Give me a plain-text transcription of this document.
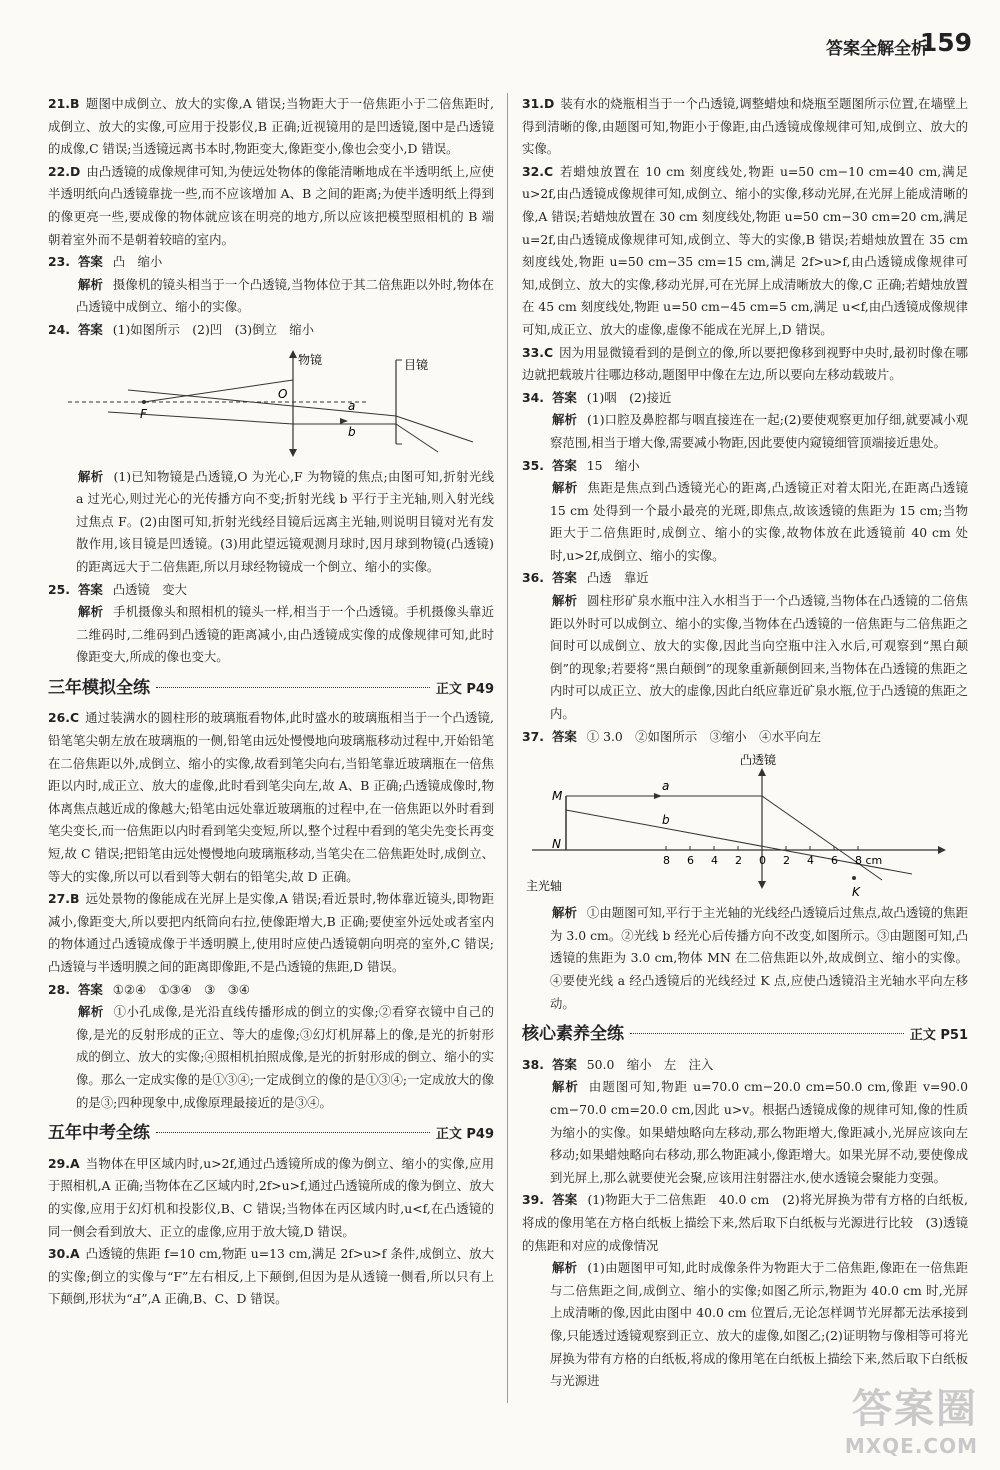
答案全解全析
159

21.B 题图中成倒立、放大的实像,A 错误;当物距大于一倍焦距小于二倍焦距时,成倒立、放大的实像,可应用于投影仪,B 正确;近视镜用的是凹透镜,图中是凸透镜的成像,C 错误;当透镜远离书本时,物距变大,像距变小,像也会变小,D 错误。

22.D 由凸透镜的成像规律可知,为使远处物体的像能清晰地成在半透明纸上,应使半透明纸向凸透镜靠拢一些,而不应该增加 A、B 之间的距离;为使半透明纸上得到的像更亮一些,要成像的物体就应该在明亮的地方,所以应该把模型照相机的 B 端朝着室外而不是朝着较暗的室内。

23. 答案 凸　缩小

解析 摄像机的镜头相当于一个凸透镜,当物体位于其二倍焦距以外时,物体在凸透镜中成倒立、缩小的实像。

24. 答案 (1)如图所示　(2)凹　(3)倒立　缩小

物镜	目镜
O
F
a
b

解析 (1)已知物镜是凸透镜,O 为光心,F 为物镜的焦点;由图可知,折射光线 a 过光心,则过光心的光传播方向不变;折射光线 b 平行于主光轴,则入射光线过焦点 F。(2)由图可知,折射光线经目镜后远离主光轴,则说明目镜对光有发散作用,该目镜是凹透镜。(3)用此望远镜观测月球时,因月球到物镜(凸透镜)的距离远大于二倍焦距,所以月球经物镜成一个倒立、缩小的实像。

25. 答案 凸透镜　变大

解析 手机摄像头和照相机的镜头一样,相当于一个凸透镜。手机摄像头靠近二维码时,二维码到凸透镜的距离减小,由凸透镜成实像的成像规律可知,此时像距变大,所成的像也变大。

三年模拟全练	正文 P49

26.C 通过装满水的圆柱形的玻璃瓶看物体,此时盛水的玻璃瓶相当于一个凸透镜,铅笔笔尖朝左放在玻璃瓶的一侧,铅笔由远处慢慢地向玻璃瓶移动过程中,开始铅笔在二倍焦距以外,成倒立、缩小的实像,故看到笔尖向右,当铅笔靠近玻璃瓶在一倍焦距以内时,成正立、放大的虚像,此时看到笔尖向左,故 A、B 正确;凸透镜成像时,物体离焦点越近成的像越大;铅笔由远处靠近玻璃瓶的过程中,在一倍焦距以外时看到笔尖变长,而一倍焦距以内时看到笔尖变短,所以,整个过程中看到的笔尖先变长再变短,故 C 错误;把铅笔由远处慢慢地向玻璃瓶移动,当笔尖在二倍焦距处时,成倒立、等大的实像,所以可以看到等大朝右的铅笔尖,故 D 正确。

27.B 远处景物的像能成在光屏上是实像,A 错误;看近景时,物体靠近镜头,即物距减小,像距变大,所以要把内纸筒向右拉,使像距增大,B 正确;要使室外远处或者室内的物体通过凸透镜成像于半透明膜上,使用时应使凸透镜朝向明亮的室外,C 错误;凸透镜与半透明膜之间的距离即像距,不是凸透镜的焦距,D 错误。

28. 答案 ①②④　①③④　③　③④

解析 ①小孔成像,是光沿直线传播形成的倒立的实像;②看穿衣镜中自己的像,是光的反射形成的正立、等大的虚像;③幻灯机屏幕上的像,是光的折射形成的倒立、放大的实像;④照相机拍照成像,是光的折射形成的倒立、缩小的实像。那么一定成实像的是①③④;一定成倒立的像的是①③④;一定成放大的像的是③;四种现象中,成像原理最接近的是③④。

五年中考全练	正文 P49

29.A 当物体在甲区域内时,u>2f,通过凸透镜所成的像为倒立、缩小的实像,应用于照相机,A 正确;当物体在乙区域内时,2f>u>f,通过凸透镜所成的像为倒立、放大的实像,应用于幻灯机和投影仪,B、C 错误;当物体在丙区域内时,u<f,在凸透镜的同一侧会看到放大、正立的虚像,应用于放大镜,D 错误。

30.A 凸透镜的焦距 f=10 cm,物距 u=13 cm,满足 2f>u>f 条件,成倒立、放大的实像;倒立的实像与“F”左右相反,上下颠倒,但因为是从透镜一侧看,所以只有上下颠倒,形状为“Ⅎ”,A 正确,B、C、D 错误。

31.D 装有水的烧瓶相当于一个凸透镜,调整蜡烛和烧瓶至题图所示位置,在墙壁上得到清晰的像,由题图可知,物距小于像距,由凸透镜成像规律可知,成倒立、放大的实像。

32.C 若蜡烛放置在 10 cm 刻度线处,物距 u=50 cm−10 cm=40 cm,满足 u>2f,由凸透镜成像规律可知,成倒立、缩小的实像,移动光屏,在光屏上能成清晰的像,A 错误;若蜡烛放置在 30 cm 刻度线处,物距 u=50 cm−30 cm=20 cm,满足 u=2f,由凸透镜成像规律可知,成倒立、等大的实像,B 错误;若蜡烛放置在 35 cm 刻度线处,物距 u=50 cm−35 cm=15 cm,满足 2f>u>f,由凸透镜成像规律可知,成倒立、放大的实像,移动光屏,可在光屏上成清晰放大的像,C 正确;若蜡烛放置在 45 cm 刻度线处,物距 u=50 cm−45 cm=5 cm,满足 u<f,由凸透镜成像规律可知,成正立、放大的虚像,虚像不能成在光屏上,D 错误。

33.C 因为用显微镜看到的是倒立的像,所以要把像移到视野中央时,最初时像在哪边就把载玻片往哪边移动,题图甲中像在左边,所以要向左移动载玻片。

34. 答案 (1)咽　(2)接近

解析 (1)口腔及鼻腔都与咽直接连在一起;(2)要使观察更加仔细,就要减小观察范围,相当于增大像,需要减小物距,因此要使内窥镜细管顶端接近患处。

35. 答案 15　缩小

解析 焦距是焦点到凸透镜光心的距离,凸透镜正对着太阳光,在距离凸透镜 15 cm 处得到一个最小最亮的光斑,即焦点,故该透镜的焦距为 15 cm;当物距大于二倍焦距时,成倒立、缩小的实像,故物体放在此透镜前 40 cm 处时,u>2f,成倒立、缩小的实像。

36. 答案 凸透　靠近

解析 圆柱形矿泉水瓶中注入水相当于一个凸透镜,当物体在凸透镜的二倍焦距以外时可以成倒立、缩小的实像,当物体在凸透镜的一倍焦距与二倍焦距之间时可以成倒立、放大的实像,因此当向空瓶中注入水后,可观察到“黑白颠倒”的现象;若要将“黑白颠倒”的现象重新颠倒回来,当物体在凸透镜的焦距之内时可以成正立、放大的虚像,因此白纸应靠近矿泉水瓶,位于凸透镜的焦距之内。

37. 答案 ① 3.0　②如图所示　③缩小　④水平向左

8 6 4 2 0 2 4 6 8 cm
凸透镜
M
N
主光轴	K
a
b

解析 ①由题图可知,平行于主光轴的光线经凸透镜后过焦点,故凸透镜的焦距为 3.0 cm。②光线 b 经光心后传播方向不改变,如图所示。③由题图可知,凸透镜的焦距为 3.0 cm,物体 MN 在二倍焦距以外,故成倒立、缩小的实像。④要使光线 a 经凸透镜后的光线经过 K 点,应使凸透镜沿主光轴水平向左移动。

核心素养全练	正文 P51

38. 答案 50.0　缩小　左　注入

解析 由题图可知,物距 u=70.0 cm−20.0 cm=50.0 cm,像距 v=90.0 cm−70.0 cm=20.0 cm,因此 u>v。根据凸透镜成像的规律可知,像的性质为缩小的实像。如果蜡烛略向左移动,那么物距增大,像距减小,光屏应该向左移动;如果蜡烛略向右移动,那么物距减小,像距增大。如果光屏不动,要使像成到光屏上,那么就要使光会聚,应该用注射器注水,使水透镜会聚能力变强。

39. 答案 (1)物距大于二倍焦距　40.0 cm　(2)将光屏换为带有方格的白纸板,将成的像用笔在方格白纸板上描绘下来,然后取下白纸板与光源进行比较　(3)透镜的焦距和对应的成像情况

解析 (1)由题图甲可知,此时成像条件为物距大于二倍焦距,像距在一倍焦距与二倍焦距之间,成倒立、缩小的实像;如图乙所示,物距为 40.0 cm 时,光屏上成清晰的像,因此由图中 40.0 cm 位置后,无论怎样调节光屏都无法承接到像,只能透过透镜观察到正立、放大的虚像,如图乙;(2)证明物与像相等可将光屏换为带有方格的白纸板,将成的像用笔在白纸板上描绘下来,然后取下白纸板与光源进

答案圈
MXQE.COM
